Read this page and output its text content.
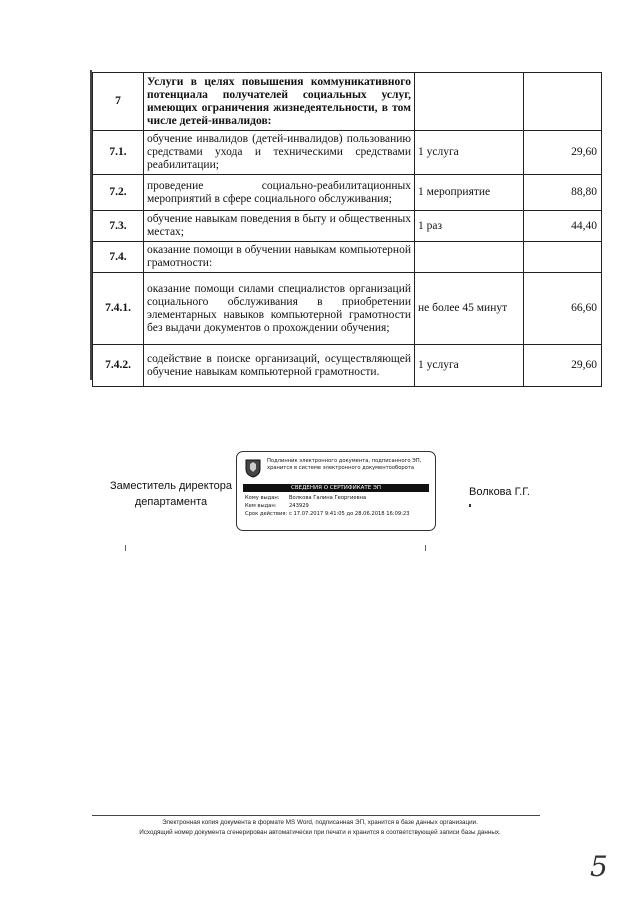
7	Услуги в целях повышения коммуникативного потенциала получателей социальных услуг, имеющих ограничения жизнедеятельности, в том числе детей-инвалидов:		
7.1.	обучение инвалидов (детей-инвалидов) пользованию средствами ухода и техническими средствами реабилитации;	1 услуга	29,60
7.2.	проведение социально-реабилитационных мероприятий в сфере социального обслуживания;	1 мероприятие	88,80
7.3.	обучение навыкам поведения в быту и общественных местах;	1 раз	44,40
7.4.	оказание помощи в обучении навыкам компьютерной грамотности:		
7.4.1.	оказание помощи силами специалистов организаций социального обслуживания в приобретении элементарных навыков компьютерной грамотности без выдачи документов о прохождении обучения;	не более 45 минут	66,60
7.4.2.	содействие в поиске организаций, осуществляющей обучение навыкам компьютерной грамотности.	1 услуга	29,60
Заместитель директора департамента
Подлинник электронного документа, подписанного ЭП, хранится в системе электронного документооборота
СВЕДЕНИЯ О СЕРТИФИКАТЕ ЭП
Кому выдан: Волкова Галина Георгиевна
Кем выдан: 243929
Срок действия: с 17.07.2017 9:41:05 до 28.06.2018 16:09:23
Волкова Г.Г.
Электронная копия документа в формате MS Word, подписанная ЭП, хранится в базе данных организации.
Исходящий номер документа сгенерирован автоматически при печати и хранится в соответствующей записи базы данных.
5
